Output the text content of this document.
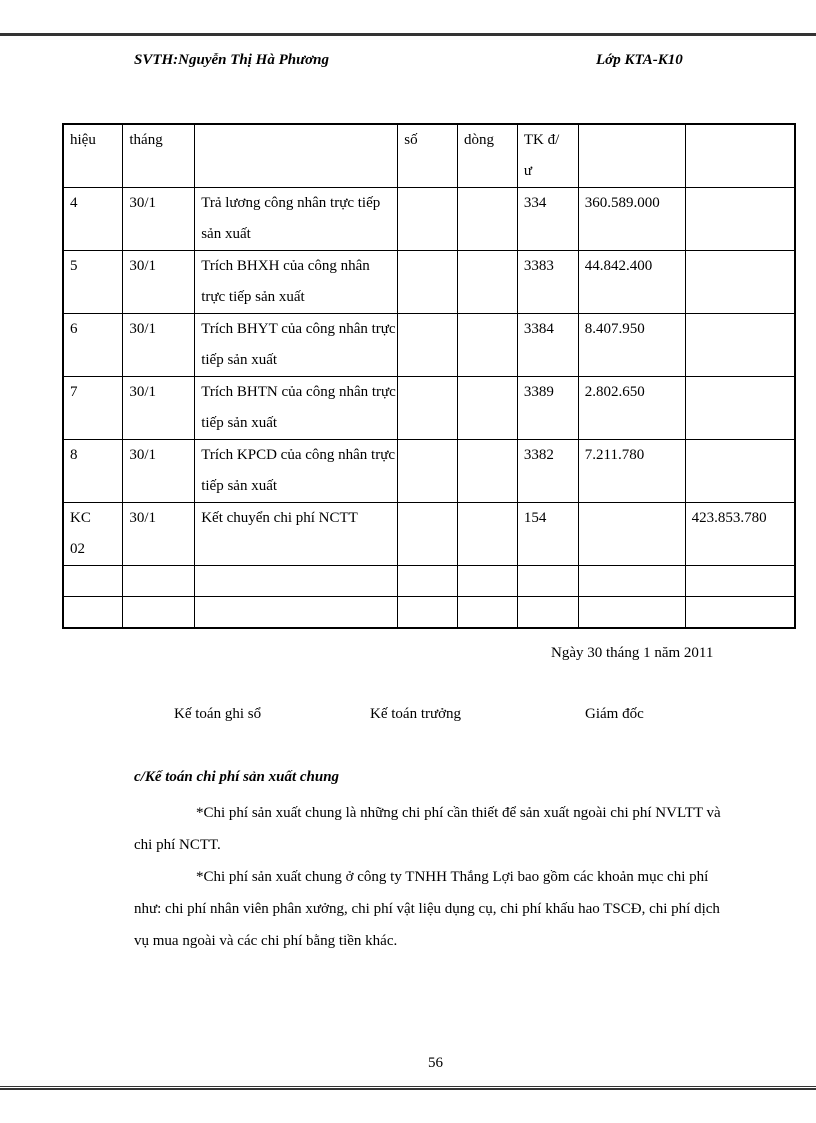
SVTH:Nguyễn Thị Hà Phương	Lớp KTA-K10
hiệu	tháng		số	dòng	TK đ/ư		
4	30/1	Trả lương công nhân trực tiếp sản xuất			334	360.589.000	
5	30/1	Trích BHXH của công nhân trực tiếp sản xuất			3383	44.842.400	
6	30/1	Trích BHYT của công nhân trực tiếp sản xuất			3384	8.407.950	
7	30/1	Trích BHTN của công nhân trực tiếp sản xuất			3389	2.802.650	
8	30/1	Trích KPCD của công nhân trực tiếp sản xuất			3382	7.211.780	
KC 02	30/1	Kết chuyển chi phí NCTT			154		423.853.780

Ngày 30 tháng 1 năm 2011
Kế toán ghi sổ	Kế toán trưởng	Giám đốc
c/Kế toán chi phí sản xuất chung
*Chi phí sản xuất chung là những chi phí cần thiết để sản xuất ngoài chi phí NVLTT và chi phí NCTT.
*Chi phí sản xuất chung ở công ty TNHH Thắng Lợi bao gồm các khoản mục chi phí như: chi phí nhân viên phân xưởng, chi phí vật liệu dụng cụ, chi phí khấu hao TSCĐ, chi phí dịch vụ mua ngoài và các chi phí bằng tiền khác.
56
